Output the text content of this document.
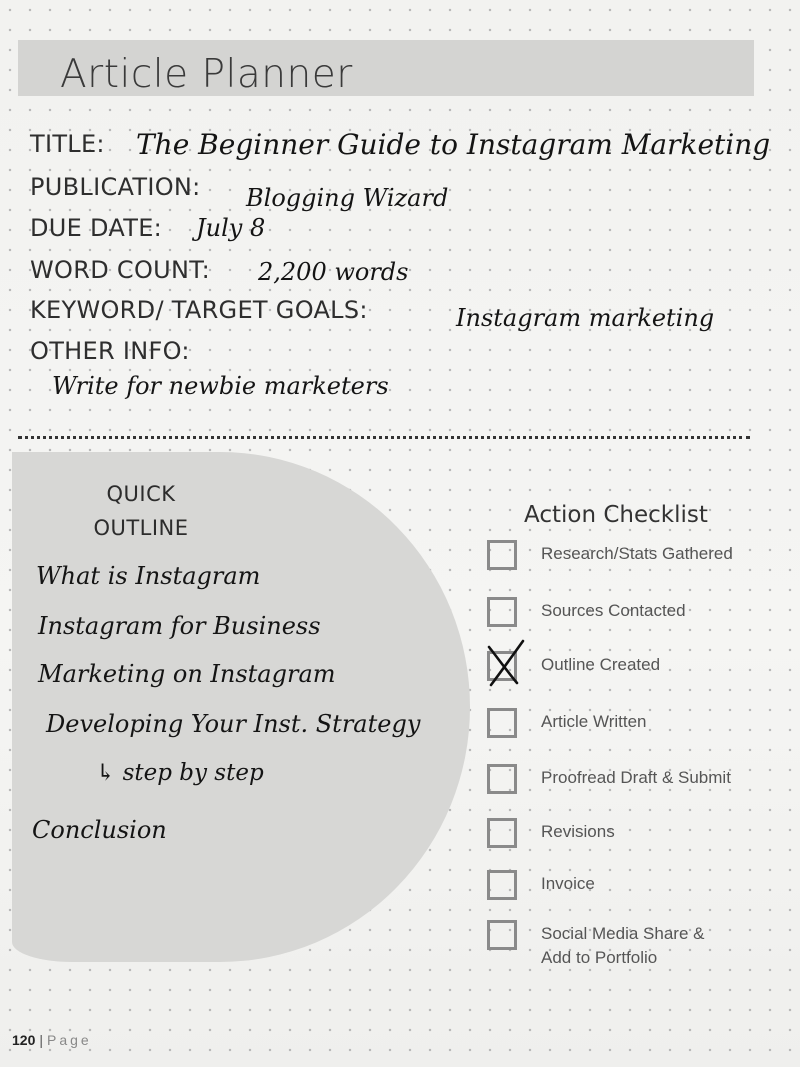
Article Planner
TITLE: The Beginner Guide to Instagram Marketing
PUBLICATION: Blogging Wizard
DUE DATE: July 8
WORD COUNT: 2,200 words
KEYWORD/ TARGET GOALS:	Instagram marketing
OTHER INFO:
Write for newbie marketers
QUICK
OUTLINE
What is Instagram
Instagram for Business
Marketing on Instagram
Developing Your Inst. Strategy
↳ step by step
Conclusion
Action Checklist
Research/Stats Gathered
Sources Contacted
Outline Created
Article Written
Proofread Draft & Submit
Revisions
Invoice
Social Media Share &
Add to Portfolio
120 | Page
